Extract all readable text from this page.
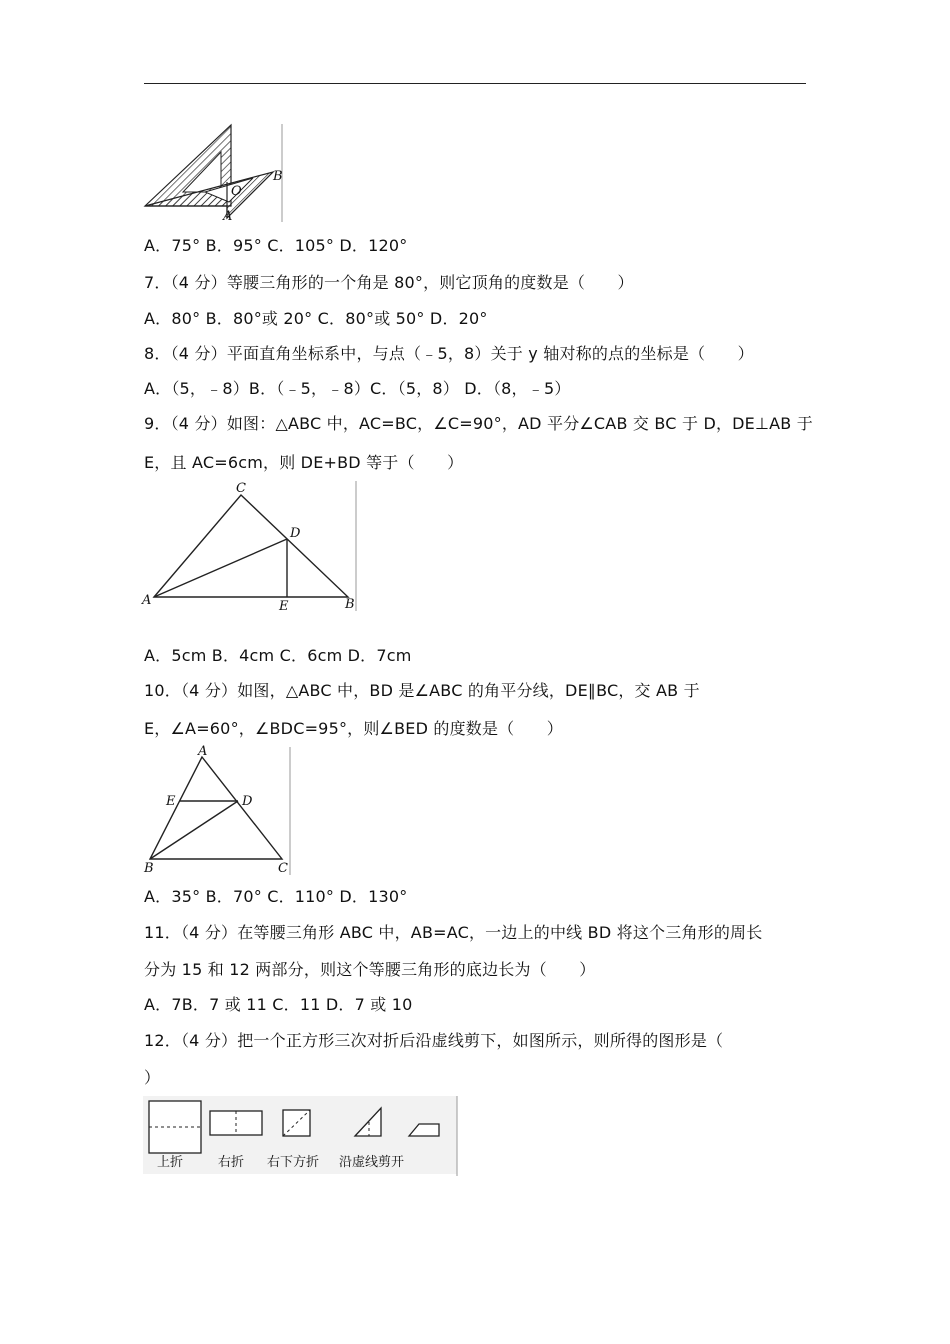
O
A
B
A．75° B．95° C．105° D．120°
7．（4 分）等腰三角形的一个角是 80°，则它顶角的度数是（　　）
A．80° B．80°或 20° C．80°或 50° D．20°
8．（4 分）平面直角坐标系中，与点（﹣5，8）关于 y 轴对称的点的坐标是（　　）
A．（5，﹣8）B．（﹣5，﹣8）C．（5，8） D．（8，﹣5）
9．（4 分）如图：△ABC 中，AC=BC，∠C=90°，AD 平分∠CAB 交 BC 于 D，DE⊥AB 于
E，且 AC=6cm，则 DE+BD 等于（　　）
C
D
A	E	B
A．5cm B．4cm C．6cm D．7cm
10．（4 分）如图，△ABC 中，BD 是∠ABC 的角平分线，DE∥BC，交 AB 于
E，∠A=60°，∠BDC=95°，则∠BED 的度数是（　　）
A
E	D
B	C
A．35° B．70° C．110° D．130°
11．（4 分）在等腰三角形 ABC 中，AB=AC，一边上的中线 BD 将这个三角形的周长
分为 15 和 12 两部分，则这个等腰三角形的底边长为（　　）
A．7B．7 或 11 C．11 D．7 或 10
12．（4 分）把一个正方形三次对折后沿虚线剪下，如图所示，则所得的图形是（
）
上折	右折 右下方折 沿虚线剪开
